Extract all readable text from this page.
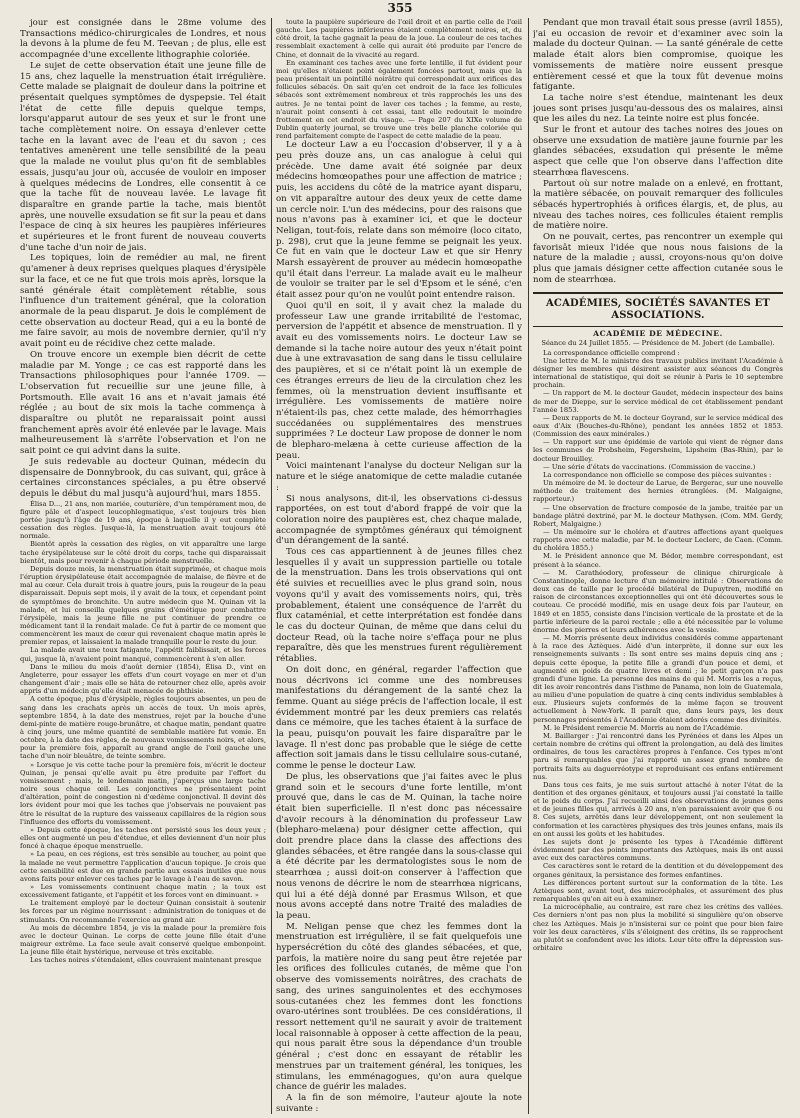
355

jour est consignée dans le 28me volume des Transactions médico-chirurgicales de Londres, et nous la devons à la plume de feu M. Teevan ; de plus, elle est accompagnée d'une excellente lithographie coloriée.

Le sujet de cette observation était une jeune fille de 15 ans, chez laquelle la menstruation était irrégulière. Cette malade se plaignait de douleur dans la poitrine et présentait quelques symptômes de dyspepsie. Tel était l'état de cette fille depuis quelque temps, lorsqu'apparut autour de ses yeux et sur le front une tache complètement noire. On essaya d'enlever cette tache en la lavant avec de l'eau et du savon ; ces tentatives amenèrent une telle sensibilité de la peau que la malade ne voulut plus qu'on fit de semblables essais, jusqu'au jour où, accusée de vouloir en imposer à quelques médecins de Londres, elle consentit à ce que la tache fût de nouveau lavée. Le lavage fit disparaître en grande partie la tache, mais bientôt après, une nouvelle exsudation se fit sur la peau et dans l'espace de cinq à six heures les paupières inférieures et supérieures et le front furent de nouveau couverts d'une tache d'un noir de jais.

Les topiques, loin de remédier au mal, ne firent qu'amener à deux reprises quelques plaques d'érysipèle sur la face, et ce ne fut que trois mois après, lorsque la santé générale était complètement rétablie, sous l'influence d'un traitement général, que la coloration anormale de la peau disparut. Je dois le complément de cette observation au docteur Read, qui a eu la bonté de me faire savoir, au mois de novembre dernier, qu'il n'y avait point eu de récidive chez cette malade.

On trouve encore un exemple bien décrit de cette maladie par M. Yonge ; ce cas est rapporté dans les Transactions philosophiques pour l'année 1709. — L'observation fut recueillie sur une jeune fille, à Portsmouth. Elle avait 16 ans et n'avait jamais été réglée ; au bout de six mois la tache commença à disparaître ou plutôt ne reparaissait point aussi franchement après avoir été enlevée par le lavage. Mais malheureusement là s'arrête l'observation et l'on ne sait point ce qui advint dans la suite.

Je suis redevable au docteur Quinan, médecin du dispensaire de Donnybrook, du cas suivant, qui, grâce à certaines circonstances spéciales, a pu être observé depuis le début du mal jusqu'à aujourd'hui, mars 1855.

Élisa D..., 21 ans, non mariée, couturière, d'un tempérament mou, de figure pâle et d'aspect leucophlegmatique, s'est toujours très bien portée jusqu'à l'âge de 19 ans, époque à laquelle il y eut complète cessation des règles. Jusque-là, la menstruation avait toujours été normale.

Bientôt après la cessation des règles, on vit apparaître une large tache érysipélateuse sur le côté droit du corps, tache qui disparaissait bientôt, mais pour revenir à chaque période menstruelle.

Depuis douze mois, la menstruation était supprimée, et chaque mois l'éruption érysipélateuse était accompagnée de malaise, de fièvre et de mal au cœur. Cela durait trois à quatre jours, puis la rougeur de la peau disparaissait. Depuis sept mois, il y avait de la toux, et cependant point de symptômes de bronchite. Un autre médecin que M. Quinan vit la malade, et lui conseilla quelques grains d'émétique pour combattre l'érysipèle, mais la jeune fille ne put continuer de prendre ce médicament tant il la rendait malade. Ce fut à partir de ce moment que commencèrent les maux de cœur qui revenaient chaque matin après le premier repas, et laissaient la malade tranquille pour le reste du jour.

La malade avait une toux fatigante, l'appétit faiblissait, et les forces qui, jusque là, n'avaient point manqué, commencèrent à s'en aller.

Dans le milieu du mois d'août dernier (1854), Élisa D., vint en Angleterre, pour essayer les effets d'un court voyage en mer et d'un changement d'air ; mais elle se hâta de retourner chez elle, après avoir appris d'un médecin qu'elle était menacée de phthisie.

A cette époque, plus d'érysipèle, règles toujours absentes, un peu de sang dans les crachats après un accès de toux. Un mois après, septembre 1854, à la date des menstrues, rejet par la bouche d'une demi-pinte de matière rouge-brunâtre, et chaque matin, pendant quatre à cinq jours, une même quantité de semblable matière fut vomie. En octobre, à la date des règles, de nouveaux vomissements noirs, et alors, pour la première fois, apparaît au grand angle de l'œil gauche une tache d'un noir bleuâtre, de teinte sombre.

» Lorsque je vis cette tache pour la première fois, m'écrit le docteur Quinan, je pensai qu'elle avait pu être produite par l'effort du vomissement ; mais, le lendemain matin, j'aperçus une large tache noire sous chaque œil. Les conjonctives ne présentaient point d'altération, point de congestion ni d'œdème conjonctival. Il devint dès lors évident pour moi que les taches que j'observais ne pouvaient pas être le résultat de la rupture des vaisseaux capillaires de la région sous l'influence des efforts du vomissement.

» Depuis cette époque, les taches ont persisté sous les deux yeux ; elles ont augmenté un peu d'étendue, et elles deviennent d'un noir plus foncé à chaque époque menstruelle.

» La peau, en ces régions, est très sensible au toucher, au point que la malade ne veut permettre l'application d'aucun topique. Je crois que cette sensibilité est due en grande partie aux essais inutiles que nous avons faits pour enlever ces taches par le lavage à l'eau de savon.

» Les vomissements continuent chaque matin ; la toux est excessivement fatigante, et l'appétit et les forces vont en diminuant. »

Le traitement employé par le docteur Quinan consistait à soutenir les forces par un régime nourrissant : administration de toniques et de stimulants. On recommande l'exercice au grand air.

Au mois de décembre 1854, je vis la malade pour la première fois avec le docteur Quinan. Le corps de cette jeune fille était d'une maigreur extrême. La face seule avait conservé quelque embonpoint. La jeune fille était hystérique, nerveuse et très excitable.

Les taches noires s'étendaient, elles couvraient maintenant presque

toute la paupière supérieure de l'œil droit et en partie celle de l'œil gauche. Les paupières inférieures étaient complètement noires, et, du côté droit, la tache gagnait la peau de la joue. La couleur de ces taches ressemblait exactement à celle qui aurait été produite par l'encre de Chine, et donnait de la vivacité au regard.

En examinant ces taches avec une forte lentille, il fut évident pour moi qu'elles n'étaient point également foncées partout, mais que la peau présentait un pointillé noirâtre qui correspondait aux orifices des follicules sébacés. On sait qu'en cet endroit de la face les follicules sébacés sont extrêmement nombreux et très rapprochés les uns des autres. Je ne tentai point de laver ces taches ; la femme, au reste, n'aurait point consenti à cet essai, tant elle redoutait le moindre frottement en cet endroit du visage. — Page 207 du XIXe volume de Dublin quaterly journal, se trouve une très belle planche coloriée qui rend parfaitement compte de l'aspect de cette maladie de la peau.

Le docteur Law a eu l'occasion d'observer, il y a à peu près douze ans, un cas analogue à celui qui précède. Une dame avait été soignée par deux médecins homœopathes pour une affection de matrice ; puis, les accidens du côté de la matrice ayant disparu, on vit apparaître autour des deux yeux de cette dame un cercle noir. L'un des médecins, pour des raisons que nous n'avons pas à examiner ici, et que le docteur Neligan, tout-fois, relate dans son mémoire (loco citato, p. 298), crut que la jeune femme se peignait les yeux. Ce fut en vain que le docteur Law et que sir Henry Marsh essayèrent de prouver au médecin homœopathe qu'il était dans l'erreur. La malade avait eu le malheur de vouloir se traiter par le sel d'Epsom et le séné, c'en était assez pour qu'on ne voulût point entendre raison.

Quoi qu'il en soit, il y avait chez la malade du professeur Law une grande irritabilité de l'estomac, perversion de l'appétit et absence de menstruation. Il y avait eu des vomissements noirs. Le docteur Law se demande si la tache noire autour des yeux n'était point due à une extravasation de sang dans le tissu cellulaire des paupières, et si ce n'était point là un exemple de ces étranges erreurs de lieu de la circulation chez les femmes, où la menstruation devient insuffisante et irrégulière. Les vomissements de matière noire n'étaient-ils pas, chez cette malade, des hémorrhagies succédanées ou supplémentaires des menstrues supprimées ? Le docteur Law propose de donner le nom de blepharo-melæna à cette curieuse affection de la peau.

Voici maintenant l'analyse du docteur Neligan sur la nature et le siége anatomique de cette maladie cutanée :

Si nous analysons, dit-il, les observations ci-dessus rapportées, on est tout d'abord frappé de voir que la coloration noire des paupières est, chez chaque malade, accompagnée de symptômes généraux qui témoignent d'un dérangement de la santé.

Tous ces cas appartiennent à de jeunes filles chez lesquelles il y avait un suppression partielle ou totale de la menstruation. Dans les trois observations qui ont été suivies et recueillies avec le plus grand soin, nous voyons qu'il y avait des vomissements noirs, qui, très probablement, étaient une conséquence de l'arrêt du flux cataménial, et cette interprétation est fondée dans le cas du docteur Quinan, de même que dans celui du docteur Read, où la tache noire s'effaça pour ne plus reparaître, dès que les menstrues furent régulièrement rétablies.

On doit donc, en général, regarder l'affection que nous décrivons ici comme une des nombreuses manifestations du dérangement de la santé chez la femme. Quant au siége précis de l'affection locale, il est évidemment montré par les deux premiers cas relatés dans ce mémoire, que les taches étaient à la surface de la peau, puisqu'on pouvait les faire disparaître par le lavage. Il n'est donc pas probable que le siége de cette affection soit jamais dans le tissu cellulaire sous-cutané, comme le pense le docteur Law.

De plus, les observations que j'ai faites avec le plus grand soin et le secours d'une forte lentille, m'ont prouvé que, dans le cas de M. Quinan, la tache noire était bien superficielle. Il n'est donc pas nécessaire d'avoir recours à la dénomination du professeur Law (blepharo-melæna) pour désigner cette affection, qui doit prendre place dans la classe des affections des glandes sébacées, et être rangée dans la sous-classe qui a été décrite par les dermatologistes sous le nom de stearrhœa ; aussi doit-on conserver à l'affection que nous venons de décrire le nom de stearrhœa nigricans, qui lui a été déjà donné par Erasmus Wilson, et que nous avons accepté dans notre Traité des maladies de la peau.

M. Neligan pense que chez les femmes dont la menstruation est irrégulière, il se fait quelquefois une hypersécrétion du côté des glandes sébacées, et que, parfois, la matière noire du sang peut être rejetée par les orifices des follicules cutanés, de même que l'on observe des vomissements noirâtres, des crachats de sang, des urines sanguinolentes et des ecchymoses sous-cutanées chez les femmes dont les fonctions ovaro-utérines sont troublées. De ces considérations, il ressort nettement qu'il ne saurait y avoir de traitement local raisonnable à opposer à cette affection de la peau, qui nous parait être sous la dépendance d'un trouble général ; c'est donc en essayant de rétablir les menstrues par un traitement général, les toniques, les stimulans, les emménagogues, qu'on aura quelque chance de guérir les malades.

A la fin de son mémoire, l'auteur ajoute la note suivante :

Pendant que mon travail était sous presse (avril 1855), j'ai eu occasion de revoir et d'examiner avec soin la malade du docteur Quinan. — La santé générale de cette malade était alors bien compromise, quoique les vomissements de matière noire eussent presque entièrement cessé et que la toux fût devenue moins fatigante.

La tache noire s'est étendue, maintenant les deux joues sont prises jusqu'au-dessous des os malaires, ainsi que les ailes du nez. La teinte noire est plus foncée.

Sur le front et autour des taches noires des joues on observe une exsudation de matière jaune fournie par les glandes sébacées, exsudation qui présente le même aspect que celle que l'on observe dans l'affection dite stearrhœa flavescens.

Partout où sur notre malade on a enlevé, en frottant, la matière sébacée, on pouvait remarquer des follicules sébacés hypertrophiés à orifices élargis, et, de plus, au niveau des taches noires, ces follicules étaient remplis de matière noire.

On ne pouvait, certes, pas rencontrer un exemple qui favorisât mieux l'idée que nous nous faisions de la nature de la maladie ; aussi, croyons-nous qu'on doive plus que jamais désigner cette affection cutanée sous le nom de stearrhœa.

ACADÉMIES, SOCIÉTÉS SAVANTES ET ASSOCIATIONS.
ACADÉMIE DE MÉDECINE.
Séance du 24 Juillet 1855. — Présidence de M. Jobert (de Lamballe).

La correspondance officielle comprend :

Une lettre de M. le ministre des travaux publics invitant l'Académie à désigner les membres qui désirent assister aux séances du Congrès international de statistique, qui doit se réunir à Paris le 10 septembre prochain.

— Un rapport de M. le docteur Gaudet, médecin inspecteur des bains de mer de Dieppe, sur le service médical de cet établissement pendant l'année 1853.

— Deux rapports de M. le docteur Goyrand, sur le service médical des eaux d'Aix (Bouches-du-Rhône), pendant les années 1852 et 1853. (Commission des eaux minérales.)

— Un rapport sur une épidémie de variole qui vient de régner dans les communes de Probsheim, Fegersheim, Lipsheim (Bas-Rhin), par le docteur Brouilley.

— Une série d'états de vaccinations. (Commission de vaccine.)

La correspondance non officielle se compose des pièces suivantes :

Un mémoire de M. le docteur de Larue, de Bergerac, sur une nouvelle méthode de traitement des hernies étranglées. (M. Malgaigne, rapporteur.)

— Une observation de fracture composée de la jambe, traitée par un bandage plâtré dextriné, par M. le docteur Mathysen. (Com. MM. Gerdy, Robert, Malgaigne.)

— Un mémoire sur le choléra et d'autres affections ayant quelques rapports avec cette maladie, par M. le docteur Leclerc, de Caen. (Comm. du choléra 1855.)

M. le Président annonce que M. Bédor, membre correspondant, est présent à la séance.

— M. Carathéodory, professeur de clinique chirurgicale à Constantinople, donne lecture d'un mémoire intitulé : Observations de deux cas de taille par le procédé bilatéral de Dupuytren, modifié en raison de circonstances exceptionnelles qui ont été découvertes sous le couteau. Ce procédé modifié, mis en usage deux fois par l'auteur, en 1849 et en 1855, consiste dans l'incision verticale de la prostate et de la partie inférieure de la paroi rectale ; elle a été nécessitée par le volume énorme des pierres et leurs adhérences avec la vessie.

— M. Morris présente deux individus considérés comme appartenant à la race des Aztèques. Aidé d'un interprète, il donne sur eux les renseignements suivants : Ils sont entre ses mains depuis cinq ans ; depuis cette époque, la petite fille a grandi d'un pouce et demi, et augmenté en poids de quatre livres et demi ; le petit garçon n'a pas grandi d'une ligne. La personne des mains de qui M. Morris les a reçus, dit les avoir rencontrés dans l'isthme de Panama, non loin de Guatemala, au milieu d'une population de quatre à cinq cents individus semblables à eux. Plusieurs sujets conformés de la même façon se trouvent actuellement à New-York. Il paraît que, dans leurs pays, les deux personnages présentés à l'Académie étaient adorés comme des divinités.

M. le Président remercie M. Morris au nom de l'Académie.

M. Baillarger : J'ai rencontré dans les Pyrénées et dans les Alpes un certain nombre de crétins qui offrent la prolongation, au delà des limites ordinaires, de tous les caractères propres à l'enfance. Ces types m'ont paru si remarquables que j'ai rapporté un assez grand nombre de portraits faits au daguerréotype et reproduisant ces enfans entièrement nus.

Dans tous ces faits, je me suis surtout attaché à noter l'état de la dentition et des organes génitaux, et toujours aussi j'ai constaté la taille et le poids du corps. J'ai recueilli ainsi des observations de jeunes gens et de jeunes filles qui, arrivés à 20 ans, n'en paraissaient avoir que 6 ou 8. Ces sujets, arrêtés dans leur développement, ont non seulement la conformation et les caractères physiques des très jeunes enfans, mais ils en ont aussi les goûts et les habitudes.

Les sujets dont je présente les types à l'Académie diffèrent évidemment par des points importants des Aztèques, mais ils ont aussi avec eux des caractères communs.

Ces caractères sont le retard de la dentition et du développement des organes génitaux, la persistance des formes enfantines.

Les différences portent surtout sur la conformation de la tête. Les Aztèques sont, avant tout, des microcéphales, et assurément des plus remarquables qu'on ait eu à examiner.

La microcéphalie, au contraire, est rare chez les crétins des vallées. Ces derniers n'ont pas non plus la mobilité si singulière qu'on observe chez les Aztèques. Mais je n'insisterai sur ce point que pour bien faire voir les deux caractères, s'ils s'éloignent des crétins, ils se rapprochent au plutôt se confondent avec les idiots. Leur tête offre la dépression sus-orbitaire
